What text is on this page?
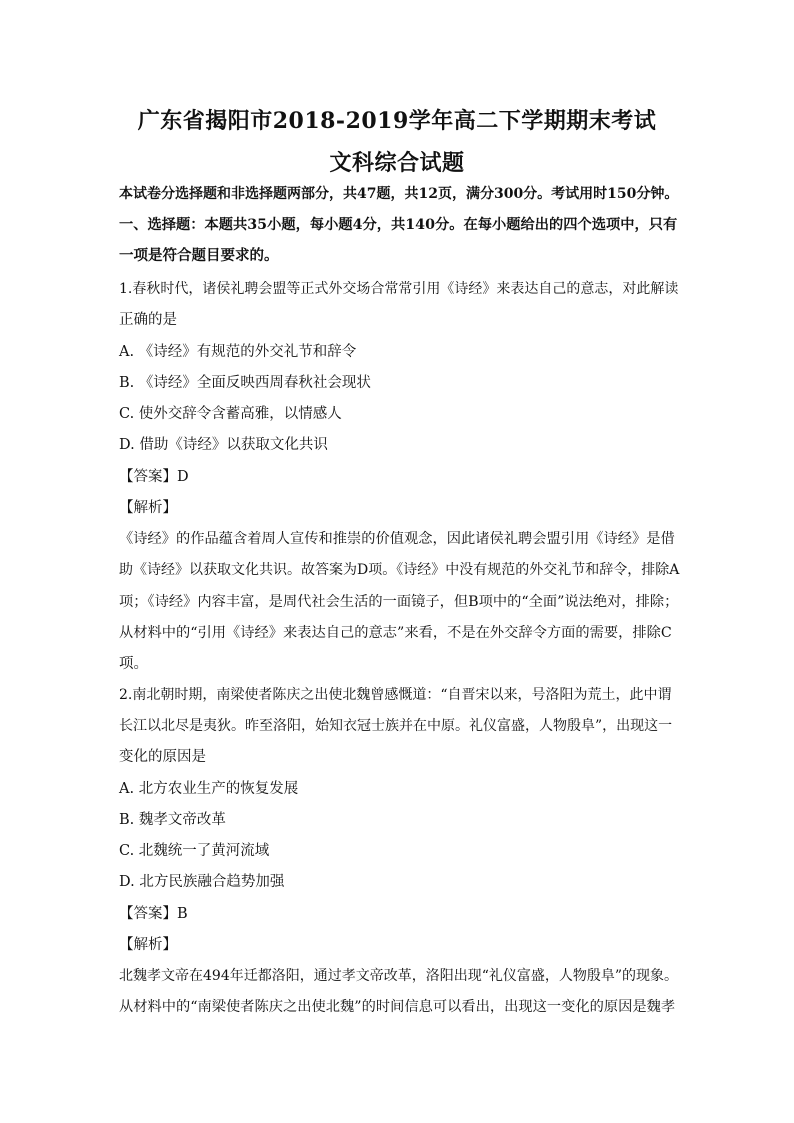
广东省揭阳市2018-2019学年高二下学期期末考试
文科综合试题
本试卷分选择题和非选择题两部分，共47题，共12页，满分300分。考试用时150分钟。
一、选择题：本题共35小题，每小题4分，共140分。在每小题给出的四个选项中，只有
一项是符合题目要求的。
1.春秋时代，诸侯礼聘会盟等正式外交场合常常引用《诗经》来表达自己的意志，对此解读
正确的是
A. 《诗经》有规范的外交礼节和辞令
B. 《诗经》全面反映西周春秋社会现状
C. 使外交辞令含蓄高雅，以情感人
D. 借助《诗经》以获取文化共识
【答案】D
【解析】
《诗经》的作品蕴含着周人宣传和推崇的价值观念，因此诸侯礼聘会盟引用《诗经》是借
助《诗经》以获取文化共识。故答案为D项。《诗经》中没有规范的外交礼节和辞令，排除A
项；《诗经》内容丰富，是周代社会生活的一面镜子，但B项中的“全面”说法绝对，排除；
从材料中的“引用《诗经》来表达自己的意志”来看，不是在外交辞令方面的需要，排除C
项。
2.南北朝时期，南梁使者陈庆之出使北魏曾感慨道：“自晋宋以来，号洛阳为荒土，此中谓
长江以北尽是夷狄。昨至洛阳，始知衣冠士族并在中原。礼仪富盛，人物殷阜”，出现这一
变化的原因是
A. 北方农业生产的恢复发展
B. 魏孝文帝改革
C. 北魏统一了黄河流域
D. 北方民族融合趋势加强
【答案】B
【解析】
北魏孝文帝在494年迁都洛阳，通过孝文帝改革，洛阳出现“礼仪富盛，人物殷阜”的现象。
从材料中的“南梁使者陈庆之出使北魏”的时间信息可以看出，出现这一变化的原因是魏孝
